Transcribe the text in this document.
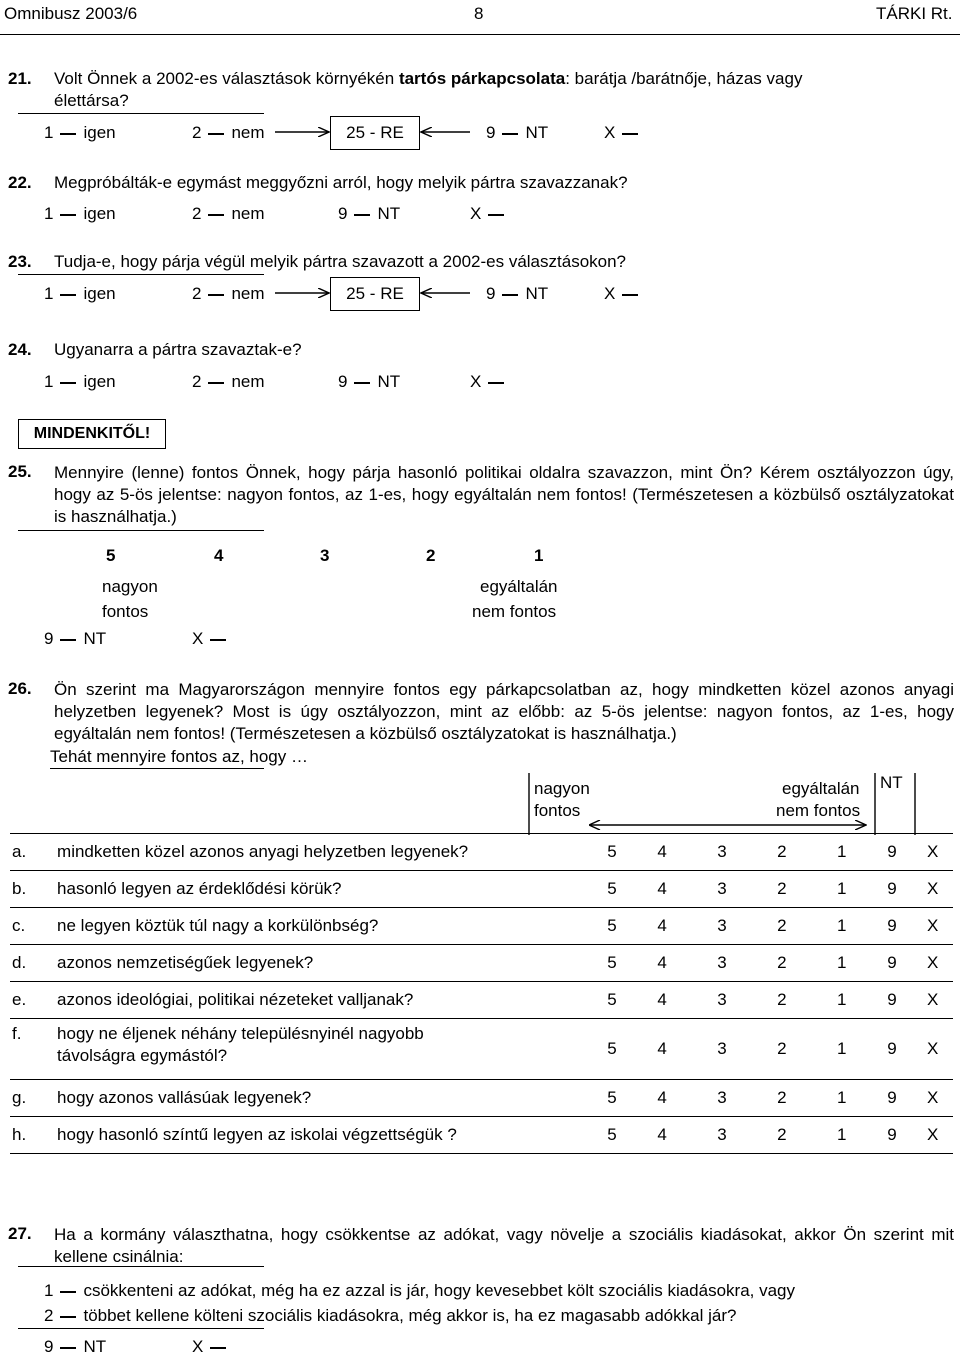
Omnibusz 2003/6	8	TÁRKI Rt.
21.	Volt Önnek a 2002-es választások környékén tartós párkapcsolata: barátja /barátnője, házas vagy
élettársa?
1 igen	2 nem	25 - RE	9 NT	X
22.	Megpróbálták-e egymást meggyőzni arról, hogy melyik pártra szavazzanak?
1 igen	2 nem	9 NT	X
23.	Tudja-e, hogy párja végül melyik pártra szavazott a 2002-es választásokon?
1 igen	2 nem	25 - RE	9 NT	X
24.	Ugyanarra a pártra szavaztak-e?
1 igen	2 nem	9 NT	X
MINDENKITŐL!
25.	Mennyire (lenne) fontos Önnek, hogy párja hasonló politikai oldalra szavazzon, mint Ön? Kérem osztályozzon úgy, hogy az 5-ös jelentse: nagyon fontos, az 1-es, hogy egyáltalán nem fontos! (Természetesen a közbülső osztályzatokat is használhatja.)
5	4	3	2	1
nagyon
fontos
egyáltalán
nem fontos
9 NT	X
26.	Ön szerint ma Magyarországon mennyire fontos egy párkapcsolatban az, hogy mindketten közel azonos anyagi helyzetben legyenek? Most is úgy osztályozzon, mint az előbb: az 5-ös jelentse: nagyon fontos, az 1-es, hogy egyáltalán nem fontos! (Természetesen a közbülső osztályzatokat is használhatja.)
Tehát mennyire fontos az, hogy …
nagyon
fontos
egyáltalán
nem fontos
NT
a.	mindketten közel azonos anyagi helyzetben legyenek?	5	4	3	2	1	9	X
b.	hasonló legyen az érdeklődési körük?	5	4	3	2	1	9	X
c.	ne legyen köztük túl nagy a korkülönbség?	5	4	3	2	1	9	X
d.	azonos nemzetiségűek legyenek?	5	4	3	2	1	9	X
e.	azonos ideológiai, politikai nézeteket valljanak?	5	4	3	2	1	9	X
f.	hogy ne éljenek néhány településnyinél nagyobb
távolságra egymástól?	5	4	3	2	1	9	X
g.	hogy azonos vallásúak legyenek?	5	4	3	2	1	9	X
h.	hogy hasonló színtű legyen az iskolai végzettségük ?	5	4	3	2	1	9	X
27.	Ha a kormány választhatna, hogy csökkentse az adókat, vagy növelje a szociális kiadásokat, akkor Ön szerint mit kellene csinálnia:
1 csökkenteni az adókat, még ha ez azzal is jár, hogy kevesebbet költ szociális kiadásokra, vagy
2 többet kellene költeni szociális kiadásokra, még akkor is, ha ez magasabb adókkal jár?
9 NT	X
